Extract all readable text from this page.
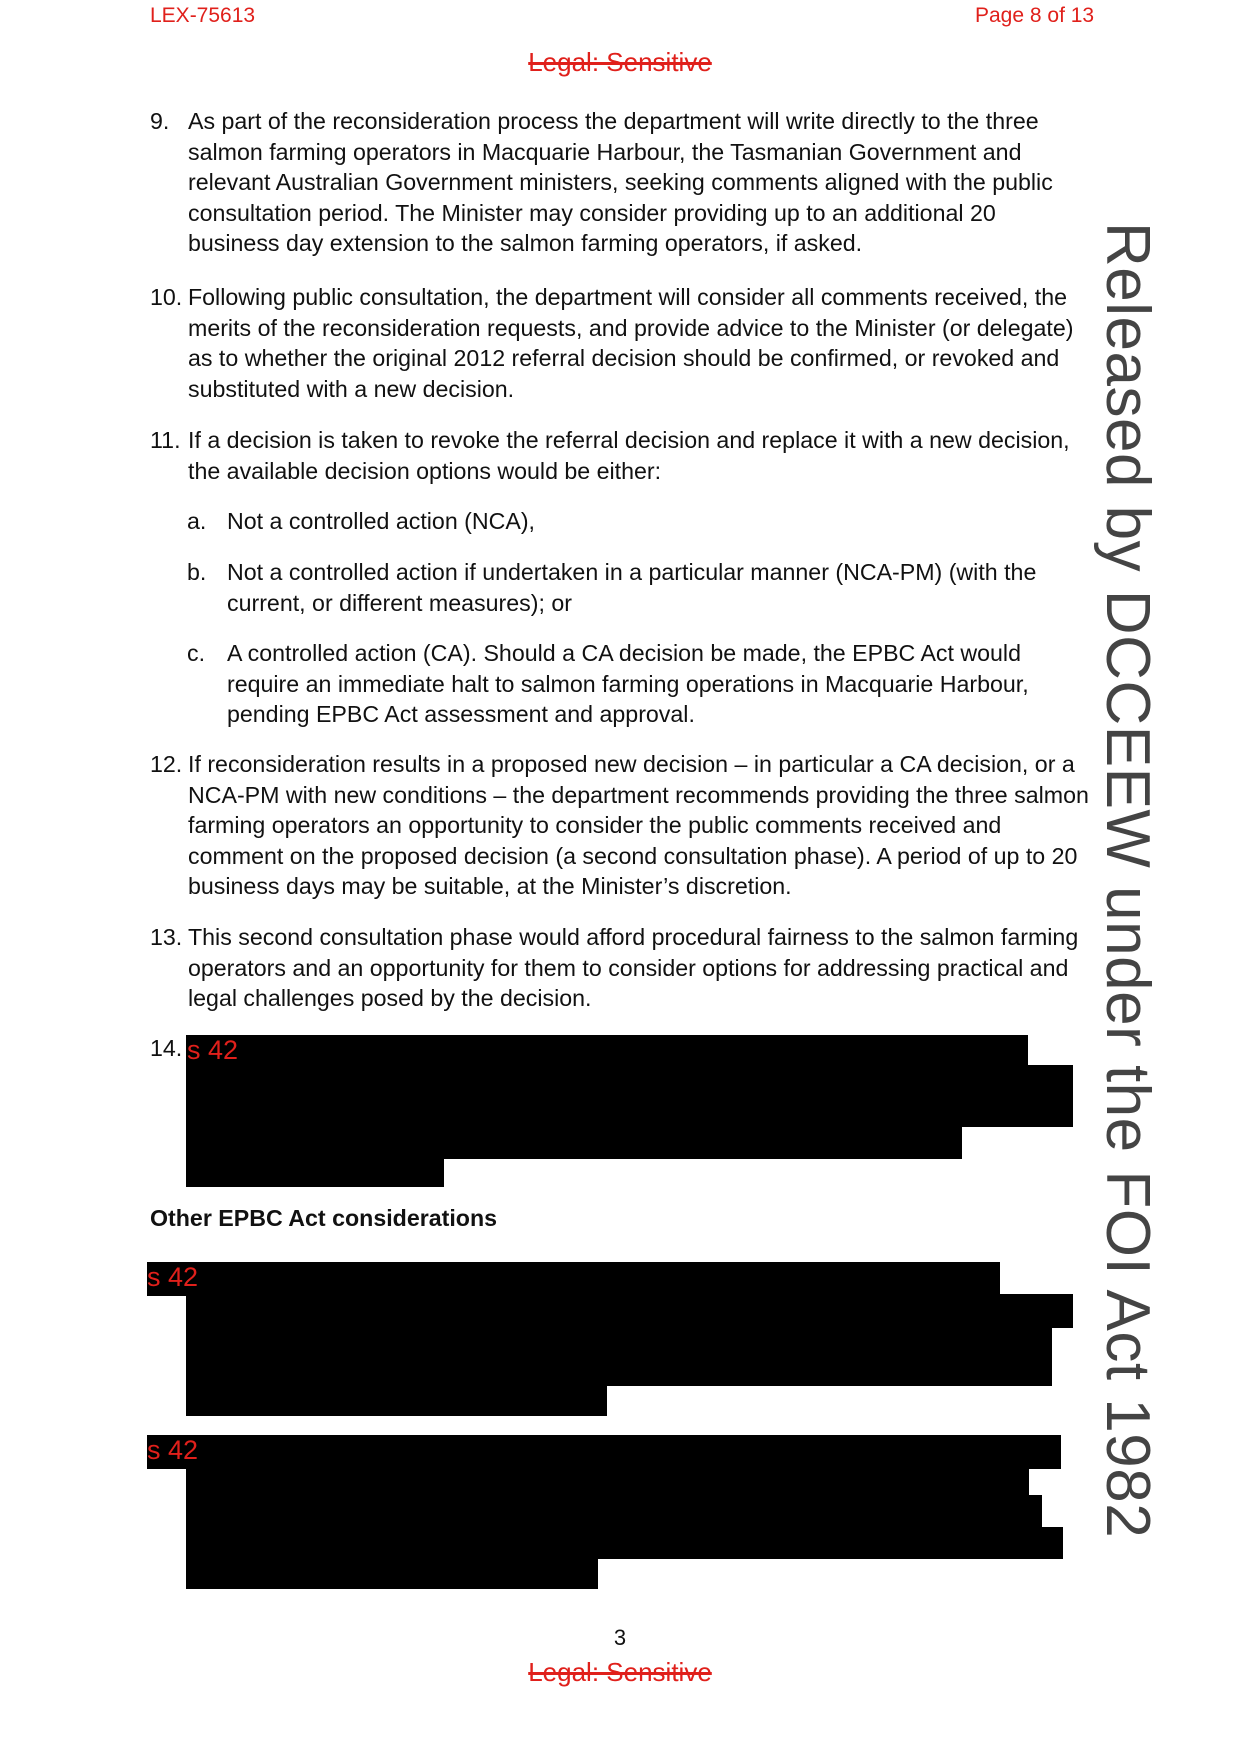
LEX-75613	Page 8 of 13
Legal: Sensitive
9. As part of the reconsideration process the department will write directly to the three salmon farming operators in Macquarie Harbour, the Tasmanian Government and relevant Australian Government ministers, seeking comments aligned with the public consultation period. The Minister may consider providing up to an additional 20 business day extension to the salmon farming operators, if asked.
10. Following public consultation, the department will consider all comments received, the merits of the reconsideration requests, and provide advice to the Minister (or delegate) as to whether the original 2012 referral decision should be confirmed, or revoked and substituted with a new decision.
11. If a decision is taken to revoke the referral decision and replace it with a new decision, the available decision options would be either:
a. Not a controlled action (NCA),
b. Not a controlled action if undertaken in a particular manner (NCA-PM) (with the current, or different measures); or
c. A controlled action (CA). Should a CA decision be made, the EPBC Act would require an immediate halt to salmon farming operations in Macquarie Harbour, pending EPBC Act assessment and approval.
12. If reconsideration results in a proposed new decision – in particular a CA decision, or a NCA-PM with new conditions – the department recommends providing the three salmon farming operators an opportunity to consider the public comments received and comment on the proposed decision (a second consultation phase). A period of up to 20 business days may be suitable, at the Minister’s discretion.
13. This second consultation phase would afford procedural fairness to the salmon farming operators and an opportunity for them to consider options for addressing practical and legal challenges posed by the decision.
14. s 42
Other EPBC Act considerations
s 42
s 42
3
Legal: Sensitive
Released by DCCEEW under the FOI Act 1982
